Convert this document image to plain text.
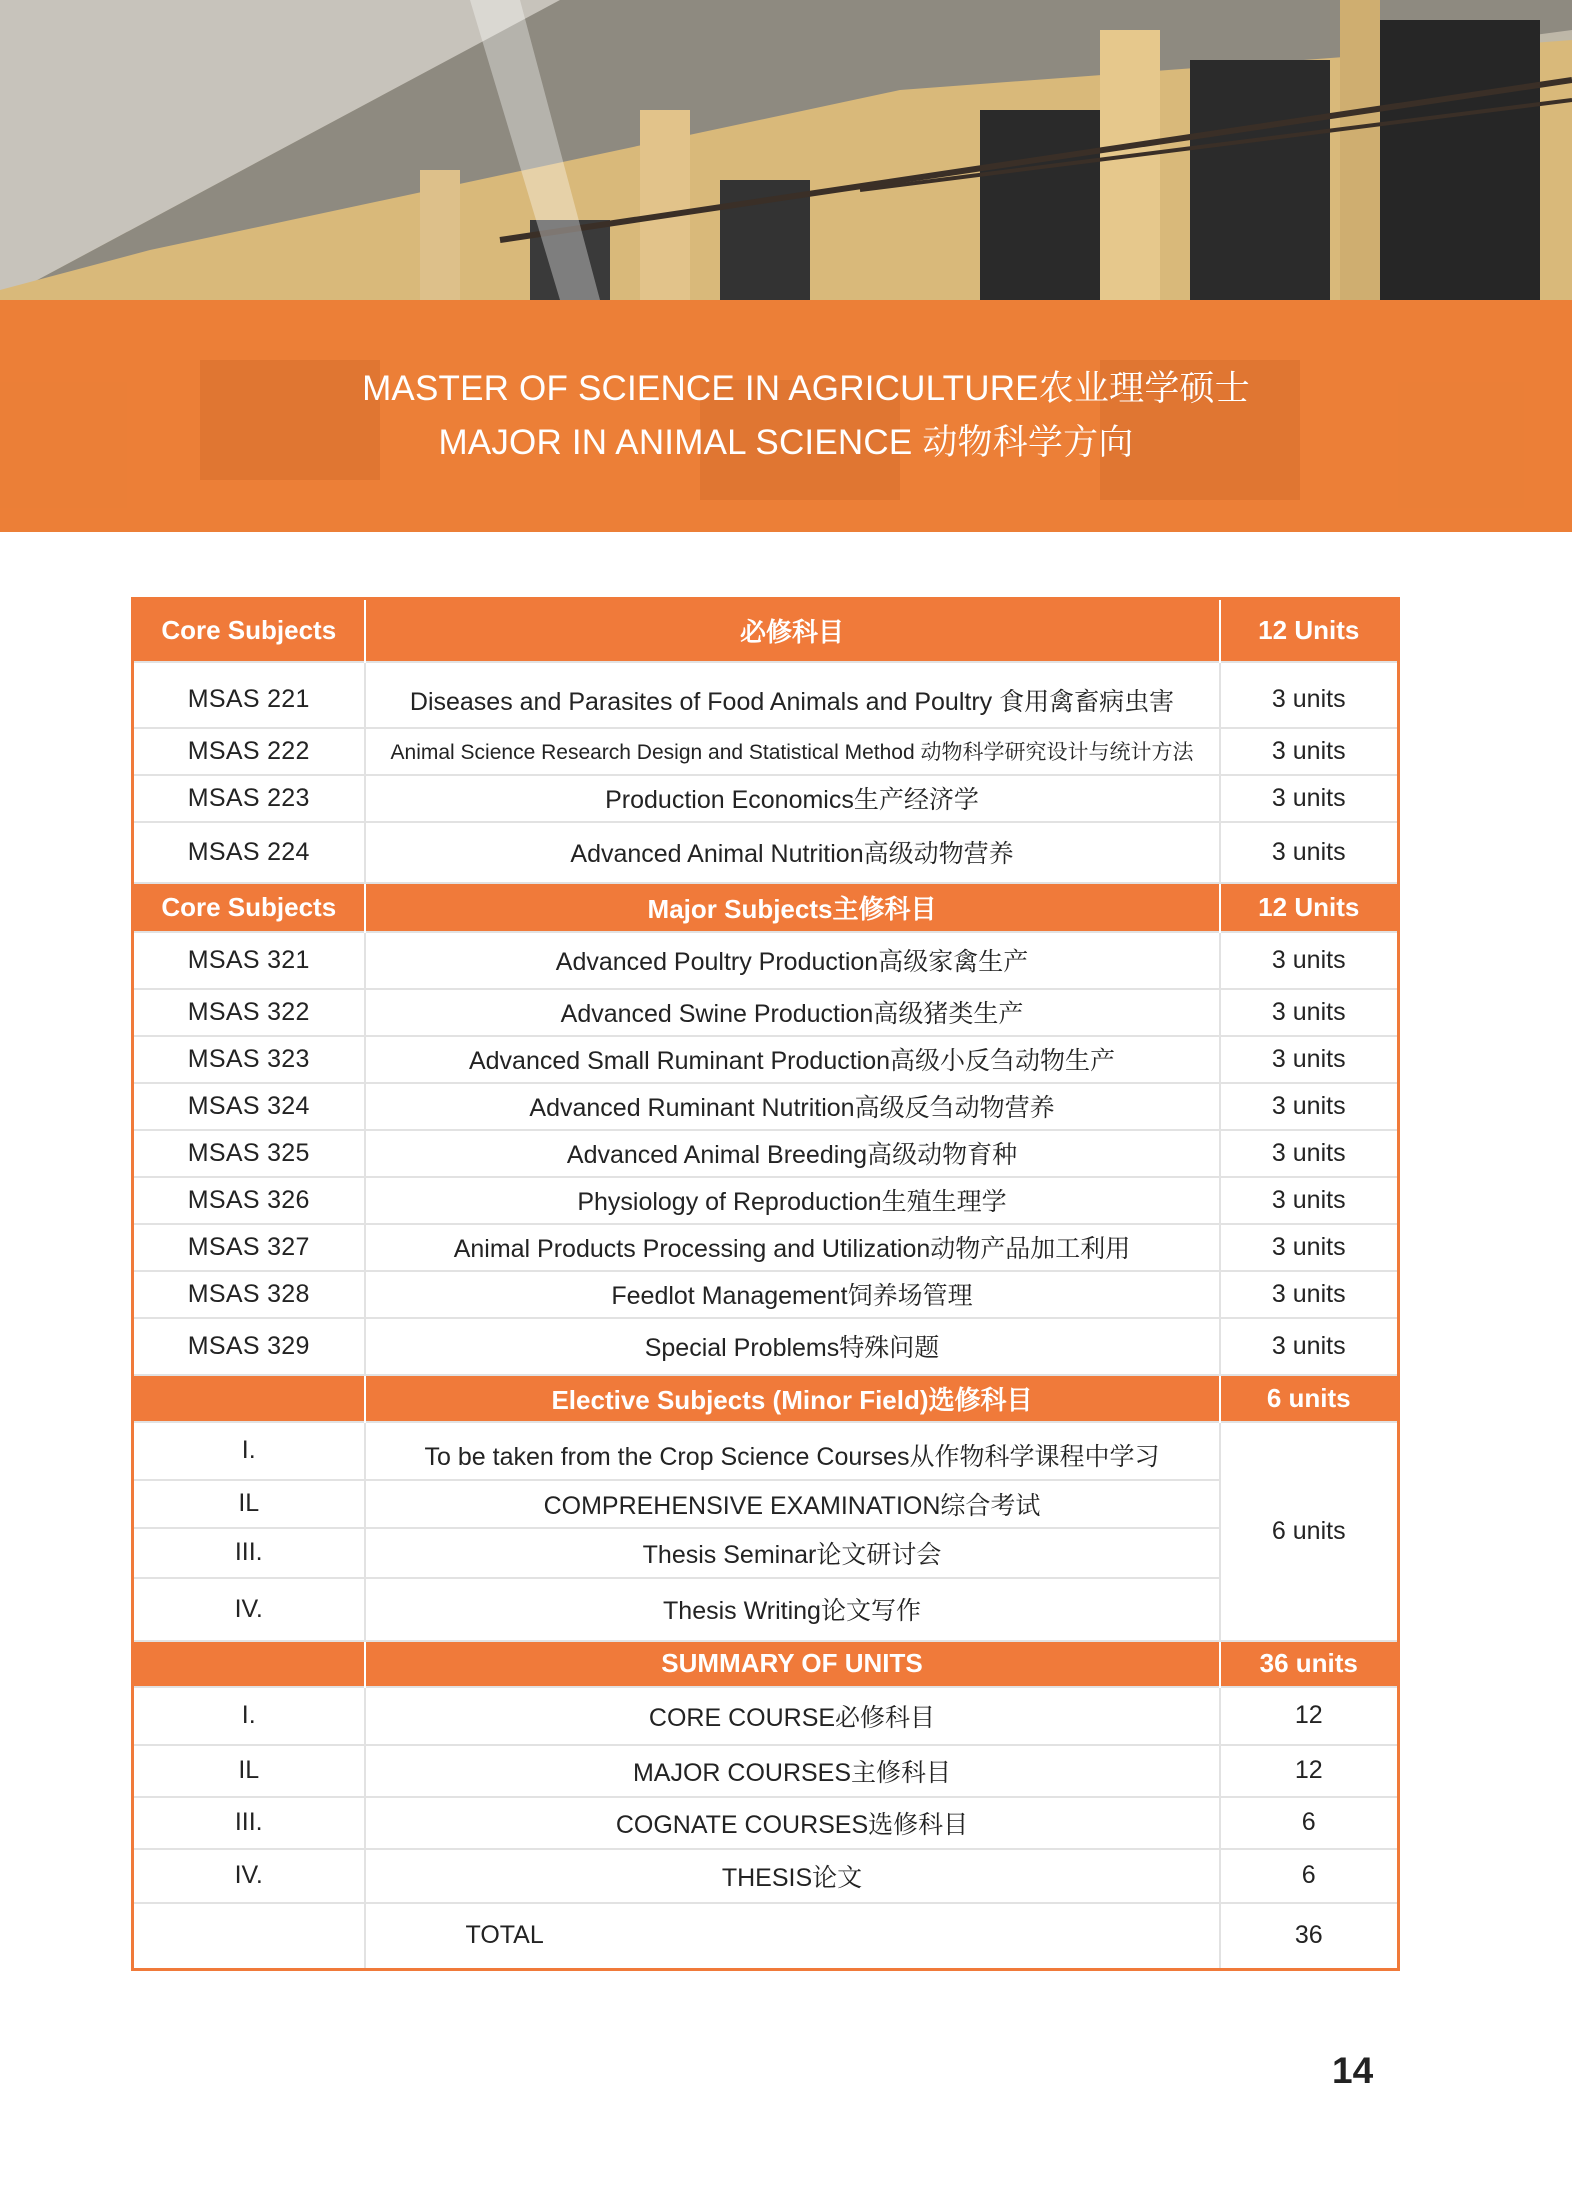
MASTER OF SCIENCE IN AGRICULTURE农业理学硕士
MAJOR IN ANIMAL SCIENCE 动物科学方向
Core Subjects	必修科目	12 Units
MSAS 221	Diseases and Parasites of Food Animals and Poultry 食用禽畜病虫害	3 units
MSAS 222	Animal Science Research Design and Statistical Method 动物科学研究设计与统计方法	3 units
MSAS 223	Production Economics生产经济学	3 units
MSAS 224	Advanced Animal Nutrition高级动物营养	3 units
Core Subjects	Major Subjects主修科目	12 Units
MSAS 321	Advanced Poultry Production高级家禽生产	3 units
MSAS 322	Advanced Swine Production高级猪类生产	3 units
MSAS 323	Advanced Small Ruminant Production高级小反刍动物生产	3 units
MSAS 324	Advanced Ruminant Nutrition高级反刍动物营养	3 units
MSAS 325	Advanced Animal Breeding高级动物育种	3 units
MSAS 326	Physiology of Reproduction生殖生理学	3 units
MSAS 327	Animal Products Processing and Utilization动物产品加工利用	3 units
MSAS 328	Feedlot Management饲养场管理	3 units
MSAS 329	Special Problems特殊问题	3 units
	Elective Subjects (Minor Field)选修科目	6 units
I.	To be taken from the Crop Science Courses从作物科学课程中学习	6 units
IL	COMPREHENSIVE EXAMINATION综合考试	
III.	Thesis Seminar论文研讨会	
IV.	Thesis Writing论文写作	
	SUMMARY OF UNITS	36 units
I.	CORE COURSE必修科目	12
IL	MAJOR COURSES主修科目	12
III.	COGNATE COURSES选修科目	6
IV.	THESIS论文	6
	TOTAL	36
14
